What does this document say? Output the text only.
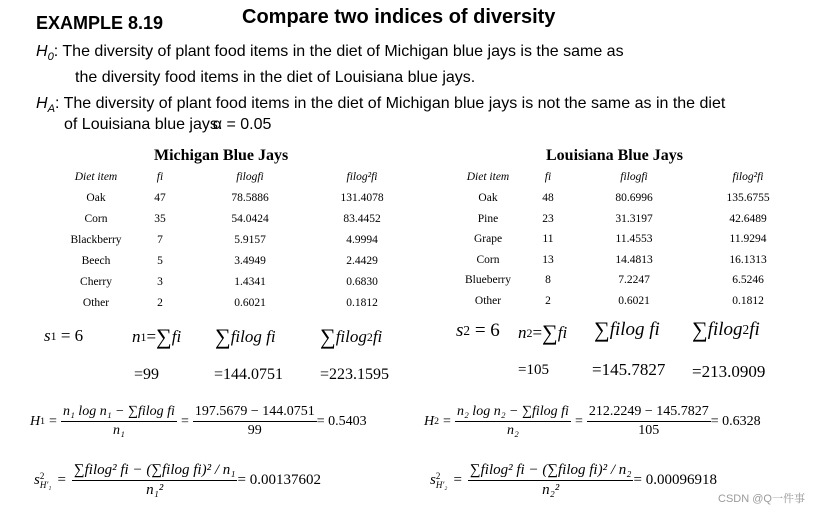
EXAMPLE 8.19	Compare two indices of diversity
$H_0$: The diversity of plant food items in the diet of Michigan blue jays is the same as
the diversity food items in the diet of Louisiana blue jays.
$H_A$: The diversity of plant food items in the diet of Michigan blue jays is not the same as in the diet
of Louisiana blue jays. α = 0.05
Michigan Blue Jays
Diet item	fi	filogfi	filog²fi
Oak	47	78.5886	131.4078
Corn	35	54.0424	83.4452
Blackberry	7	5.9157	4.9994
Beech	5	3.4949	2.4429
Cherry	3	1.4341	0.6830
Other	2	0.6021	0.1812
Louisiana Blue Jays
Diet item	fi	filogfi	filog²fi
Oak	48	80.6996	135.6755
Pine	23	31.3197	42.6489
Grape	11	11.4553	11.9294
Corn	13	14.4813	16.1313
Blueberry	8	7.2247	6.5246
Other	2	0.6021	0.1812
s 1
= 6	n 1 = ∑ fi ∑ filog fi ∑ filog 2 fi
=99	=144.0751 =223.1595
s 2
= 6 n 2 = ∑ fi ∑ filog fi ∑ filog 2 fi
=105	=145.7827 =213.0909
H $1 = \frac{\text{n₁ log n₁ − ∑filog fi}}{\text{n₁}} = \frac{197.5679 - 144.0751}{99} = 0.5403$	H $2 = \frac{\text{n₂ log n₂ − ∑filog fi}}{\text{n₂}} = \frac{212.2249 - 145.7827}{105} = 0.6328$
s 2
$H'_1 = \frac{\text{∑filog² fi − (∑filog fi)² / n₁}}{\text{n₁²}} = 0.00137602$	s 2
$H'_2 = \frac{\text{∑filog² fi − (∑filog fi)² / n₂}}{\text{n₂²}} = 0.00096918$
CSDN @Q一件事
